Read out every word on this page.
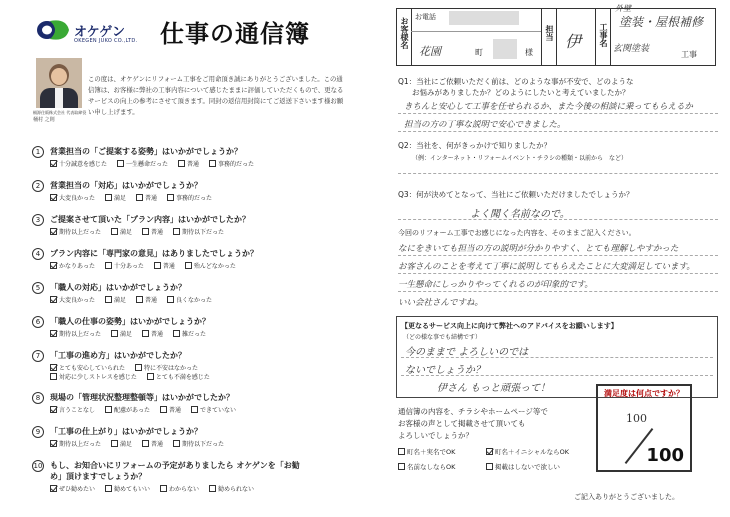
オケゲン
OKEGEN JUKO CO.,LTD. 仕事の通信簿
桶源住販株式会社 代表取締役
桶村 之則
この度は、オケゲンにリフォーム工事をご用命頂き誠にありがとうございました。この通信簿は、お客様に弊社の工事内容について感じたままに評価していただくもので、更なるサービスの向上の参考にさせて頂きます。同封の返信用封筒にてご返送下さいます様お願い申し上げます。
1	営業担当の「ご提案する姿勢」はいかがでしょうか？
十分誠意を感じた	一生懸命だった	普通	事務的だった
2	営業担当の「対応」はいかがでしょうか？
大変良かった	満足	普通	事務的だった
3	ご提案させて頂いた「プラン内容」はいかがでしたか？
期待以上だった	満足	普通	期待以下だった
4	プラン内容に「専門家の意見」はありましたでしょうか？
かなりあった	十分あった	普通	殆んどなかった
5	「職人の対応」はいかがでしょうか？
大変良かった	満足	普通	良くなかった
6	「職人の仕事の姿勢」はいかがでしょうか？
期待以上だった	満足	普通	雑だった
7	「工事の進め方」はいかがでしたか？
とても安心していられた	特に不安はなかった
対応に少しストレスを感じた	とても不満を感じた
8	現場の「管理状況整理整頓等」はいかがでしたか？
言うことなし	配慮があった	普通	できていない
9	「工事の仕上がり」はいかがでしょうか？
期待以上だった	満足	普通	期待以下だった
10 もし、お知合いにリフォームの予定がありましたら オケゲンを「お勧め」頂けますでしょうか？
ぜひ勧めたい	勧めてもいい	わからない	勧められない
お客様名 お電話
花園	町	様
担当 伊 工事名
外壁
塗装・屋根補修
玄関塗装
工事
Q1：当社にご依頼いただく前は、どのような事が不安で、どのような
お悩みがありましたか？どのようにしたいと考えていましたか？
きちんと安心して工事を任せられるか、また今後の相談に乗ってもらえるか
担当の方の丁寧な説明で安心できました。
Q2：当社を、何がきっかけで知りましたか？
（例：インターネット・リフォームイベント・チラシの種類・以前から　など）
Q3：何が決めてとなって、当社にご依頼いただけましたでしょうか？
よく聞く名前なので。
今回のリフォーム工事でお感じになった内容を、そのままご記入ください。
なにをきいても担当の方の説明が分かりやすく、とても理解しやすかった
お客さんのことを考えて丁寧に説明してもらえたことに大変満足しています。
一生懸命にしっかりやってくれるのが印象的です。
いい会社さんですね。
【更なるサービス向上に向けて弊社へのアドバイスをお願いします】
（どの様な事でも結構です）
今のままで よろしいのでは
ないでしょうか？
伊さん もっと頑張って！
通信簿の内容を、チラシやホームページ等で
お客様の声として掲載させて頂いても
よろしいでしょうか？
町名＋実名でOK	町名＋イニシャルならOK
名前なしならOK	掲載はしないで欲しい
満足度は何点ですか？
100
100
ご記入ありがとうございました。
